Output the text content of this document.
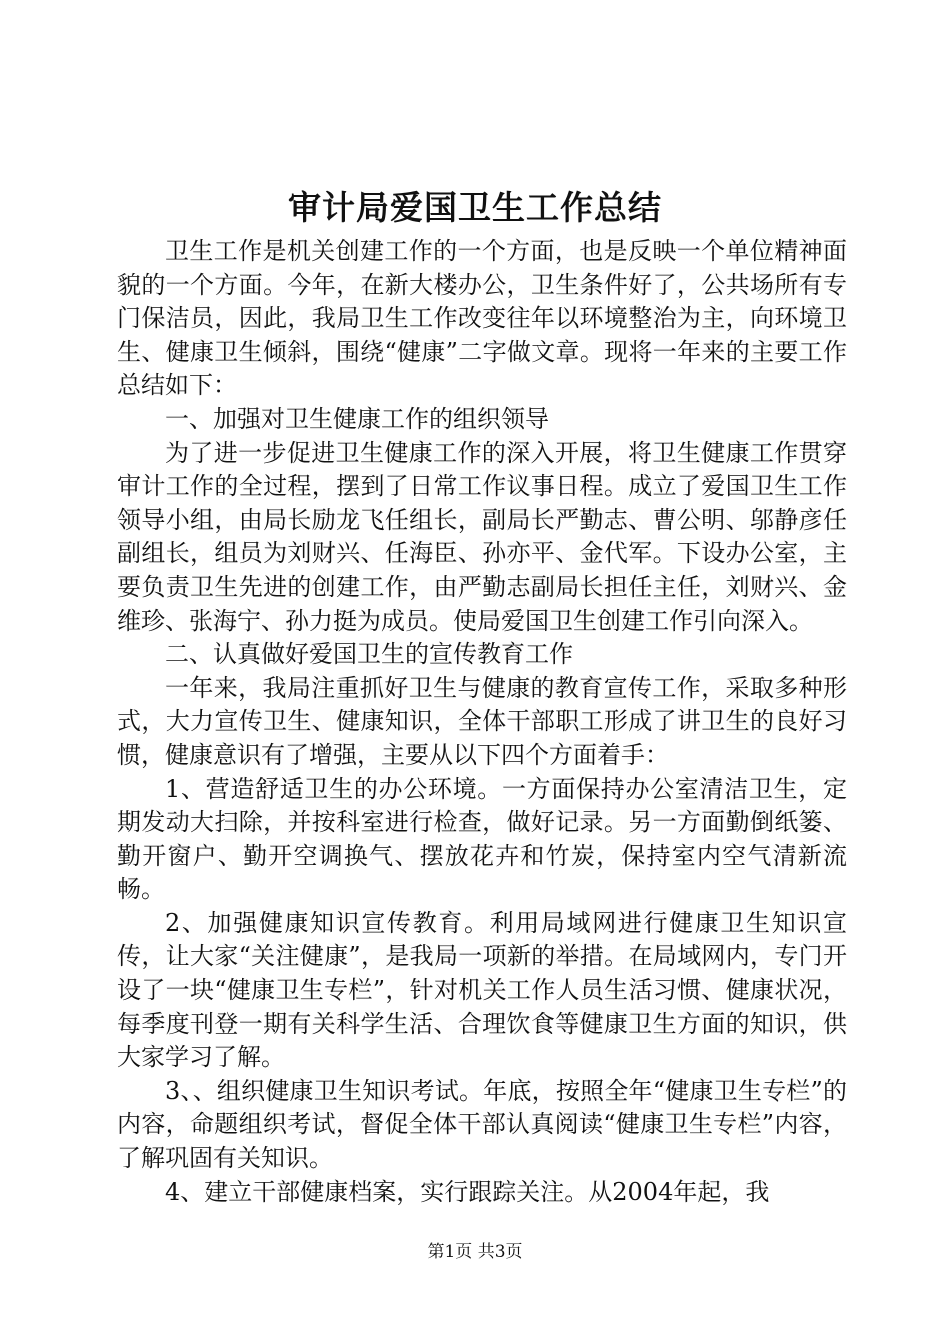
审计局爱国卫生工作总结

卫生工作是机关创建工作的一个方面，也是反映一个单位精神面貌的一个方面。今年，在新大楼办公，卫生条件好了，公共场所有专门保洁员，因此，我局卫生工作改变往年以环境整治为主，向环境卫生、健康卫生倾斜，围绕“健康”二字做文章。现将一年来的主要工作总结如下：

一、加强对卫生健康工作的组织领导

为了进一步促进卫生健康工作的深入开展，将卫生健康工作贯穿审计工作的全过程，摆到了日常工作议事日程。成立了爱国卫生工作领导小组，由局长励龙飞任组长，副局长严勤志、曹公明、邬静彦任副组长，组员为刘财兴、任海臣、孙亦平、金代军。下设办公室，主要负责卫生先进的创建工作，由严勤志副局长担任主任，刘财兴、金维珍、张海宁、孙力挺为成员。使局爱国卫生创建工作引向深入。

二、认真做好爱国卫生的宣传教育工作

一年来，我局注重抓好卫生与健康的教育宣传工作，采取多种形式，大力宣传卫生、健康知识，全体干部职工形成了讲卫生的良好习惯，健康意识有了增强，主要从以下四个方面着手：

1、营造舒适卫生的办公环境。一方面保持办公室清洁卫生，定期发动大扫除，并按科室进行检查，做好记录。另一方面勤倒纸篓、勤开窗户、勤开空调换气、摆放花卉和竹炭，保持室内空气清新流畅。

2、加强健康知识宣传教育。利用局域网进行健康卫生知识宣传，让大家“关注健康”，是我局一项新的举措。在局域网内，专门开设了一块“健康卫生专栏”，针对机关工作人员生活习惯、健康状况，每季度刊登一期有关科学生活、合理饮食等健康卫生方面的知识，供大家学习了解。

3、、组织健康卫生知识考试。年底，按照全年“健康卫生专栏”的内容，命题组织考试，督促全体干部认真阅读“健康卫生专栏”内容，了解巩固有关知识。

4、建立干部健康档案，实行跟踪关注。从2004年起，我

第1页 共3页
